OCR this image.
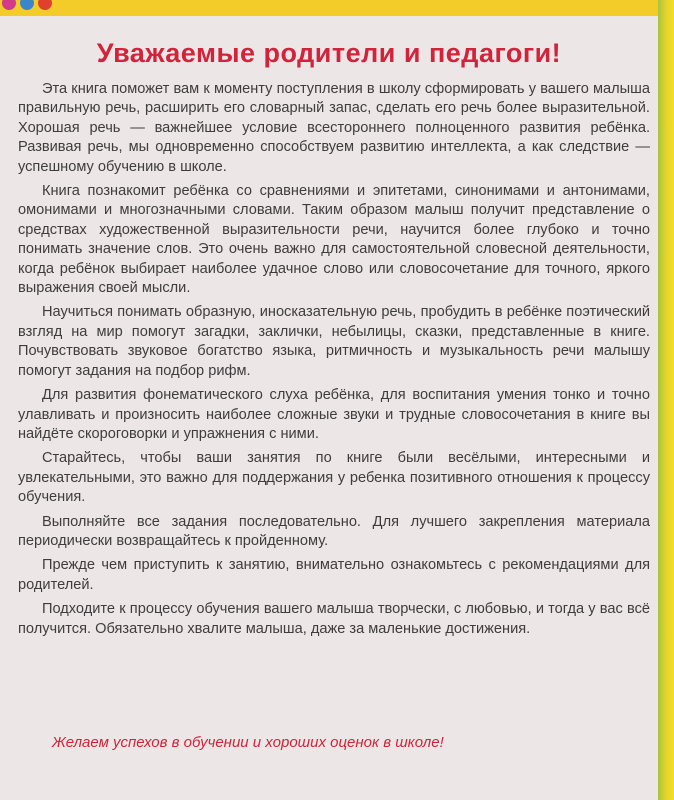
Уважаемые родители и педагоги!

Эта книга поможет вам к моменту поступления в школу сформировать у вашего малыша правильную речь, расширить его словарный запас, сделать его речь более выразительной. Хорошая речь — важнейшее условие всестороннего полноценного развития ребёнка. Развивая речь, мы одновременно способствуем развитию интеллекта, а как следствие — успешному обучению в школе.

Книга познакомит ребёнка со сравнениями и эпитетами, синонимами и антонимами, омонимами и многозначными словами. Таким образом малыш получит представление о средствах художественной выразительности речи, научится более глубоко и точно понимать значение слов. Это очень важно для самостоятельной словесной деятельности, когда ребёнок выбирает наиболее удачное слово или словосочетание для точного, яркого выражения своей мысли.

Научиться понимать образную, иносказательную речь, пробудить в ребёнке поэтический взгляд на мир помогут загадки, заклички, небылицы, сказки, представленные в книге. Почувствовать звуковое богатство языка, ритмичность и музыкальность речи малышу помогут задания на подбор рифм.

Для развития фонематического слуха ребёнка, для воспитания умения тонко и точно улавливать и произносить наиболее сложные звуки и трудные словосочетания в книге вы найдёте скороговорки и упражнения с ними.

Старайтесь, чтобы ваши занятия по книге были весёлыми, интересными и увлекательными, это важно для поддержания у ребенка позитивного отношения к процессу обучения.

Выполняйте все задания последовательно. Для лучшего закрепления материала периодически возвращайтесь к пройденному.

Прежде чем приступить к занятию, внимательно ознакомьтесь с рекомендациями для родителей.

Подходите к процессу обучения вашего малыша творчески, с любовью, и тогда у вас всё получится. Обязательно хвалите малыша, даже за маленькие достижения.

Желаем успехов в обучении и хороших оценок в школе!
